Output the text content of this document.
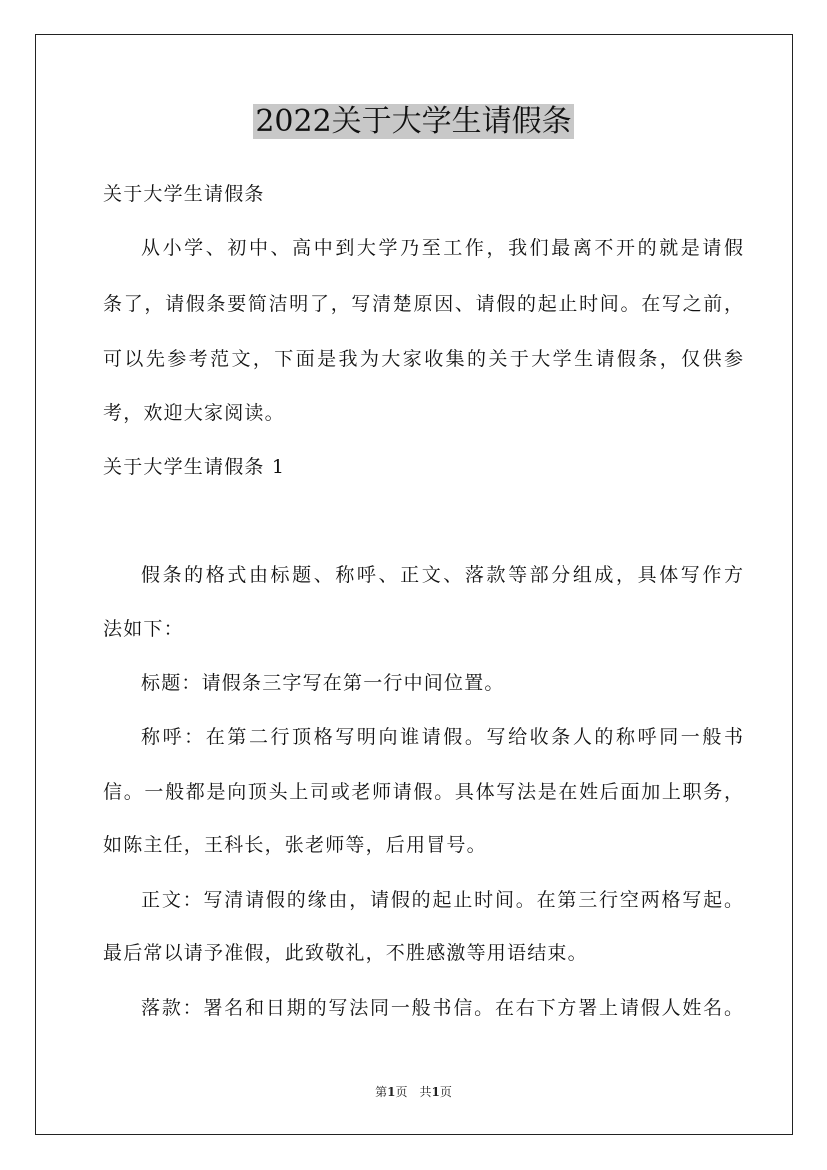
2022关于大学生请假条
关于大学生请假条
从小学、初中、高中到大学乃至工作，我们最离不开的就是请假
条了，请假条要简洁明了，写清楚原因、请假的起止时间。在写之前，
可以先参考范文，下面是我为大家收集的关于大学生请假条，仅供参
考，欢迎大家阅读。
关于大学生请假条 1
假条的格式由标题、称呼、正文、落款等部分组成，具体写作方
法如下：
标题：请假条三字写在第一行中间位置。
称呼：在第二行顶格写明向谁请假。写给收条人的称呼同一般书
信。一般都是向顶头上司或老师请假。具体写法是在姓后面加上职务，
如陈主任，王科长，张老师等，后用冒号。
正文：写清请假的缘由，请假的起止时间。在第三行空两格写起。
最后常以请予准假，此致敬礼，不胜感激等用语结束。
落款：署名和日期的写法同一般书信。在右下方署上请假人姓名。
第1页　共1页
